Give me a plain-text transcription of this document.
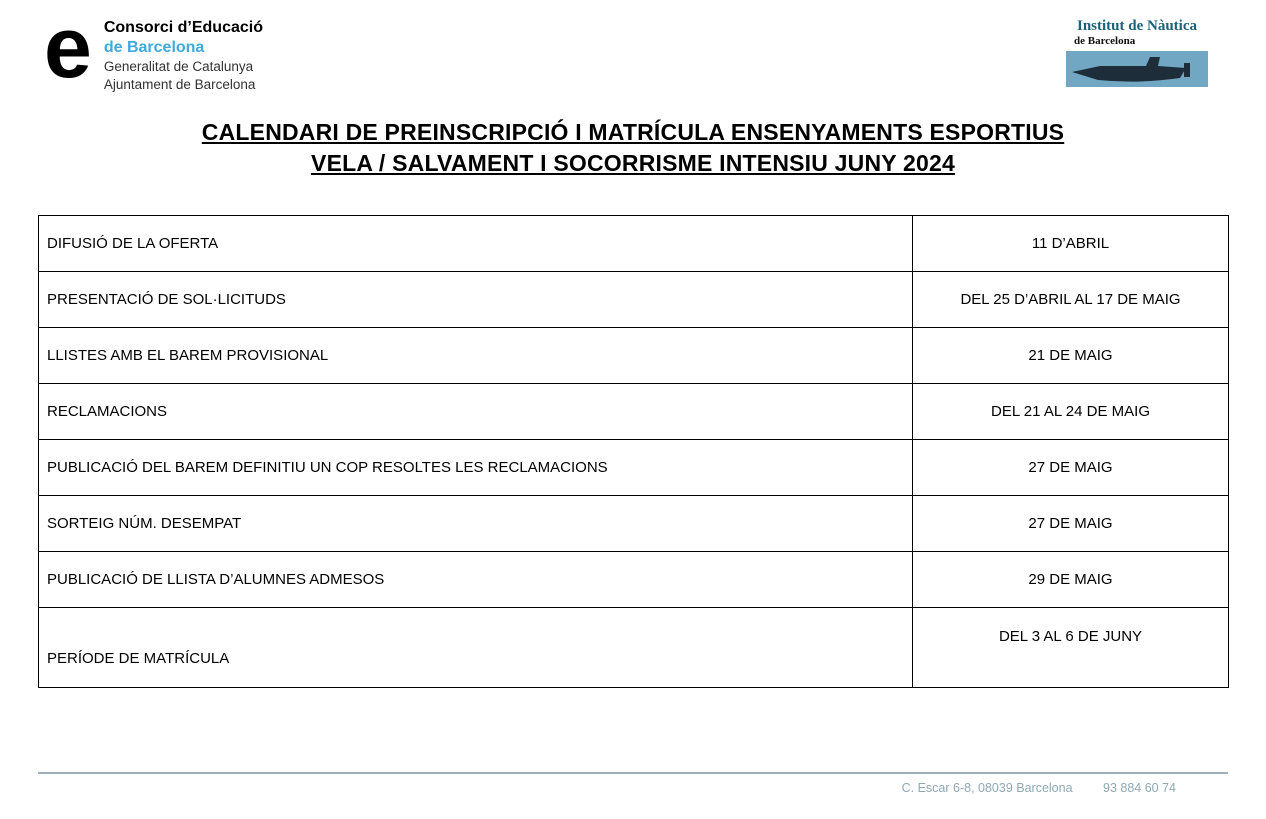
e Consorci d’Educació
de Barcelona
Generalitat de Catalunya
Ajuntament de Barcelona
Institut de Nàutica
de Barcelona
CALENDARI DE PREINSCRIPCIÓ I MATRÍCULA ENSENYAMENTS ESPORTIUS
VELA / SALVAMENT I SOCORRISME INTENSIU JUNY 2024
DIFUSIÓ DE LA OFERTA	11 D’ABRIL
PRESENTACIÓ DE SOL·LICITUDS	DEL 25 D’ABRIL AL 17 DE MAIG
LLISTES AMB EL BAREM PROVISIONAL	21 DE MAIG
RECLAMACIONS	DEL 21 AL 24 DE MAIG
PUBLICACIÓ DEL BAREM DEFINITIU UN COP RESOLTES LES RECLAMACIONS	27 DE MAIG
SORTEIG NÚM. DESEMPAT	27 DE MAIG
PUBLICACIÓ DE LLISTA D’ALUMNES ADMESOS	29 DE MAIG
PERÍODE DE MATRÍCULA	DEL 3 AL 6 DE JUNY
C. Escar 6-8, 08039 Barcelona 93 884 60 74
